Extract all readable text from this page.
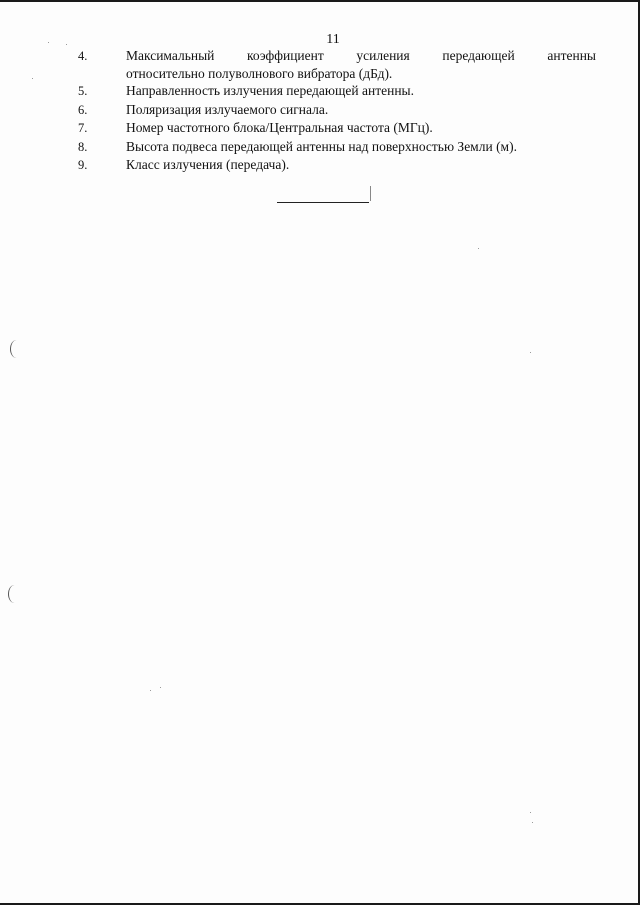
11
4.	Максимальный коэффициент усиления передающей антенны
относительно полуволнового вибратора (дБд).
5.	Направленность излучения передающей антенны.
6.	Поляризация излучаемого сигнала.
7.	Номер частотного блока/Центральная частота (МГц).
8.	Высота подвеса передающей антенны над поверхностью Земли (м).
9.	Класс излучения (передача).
